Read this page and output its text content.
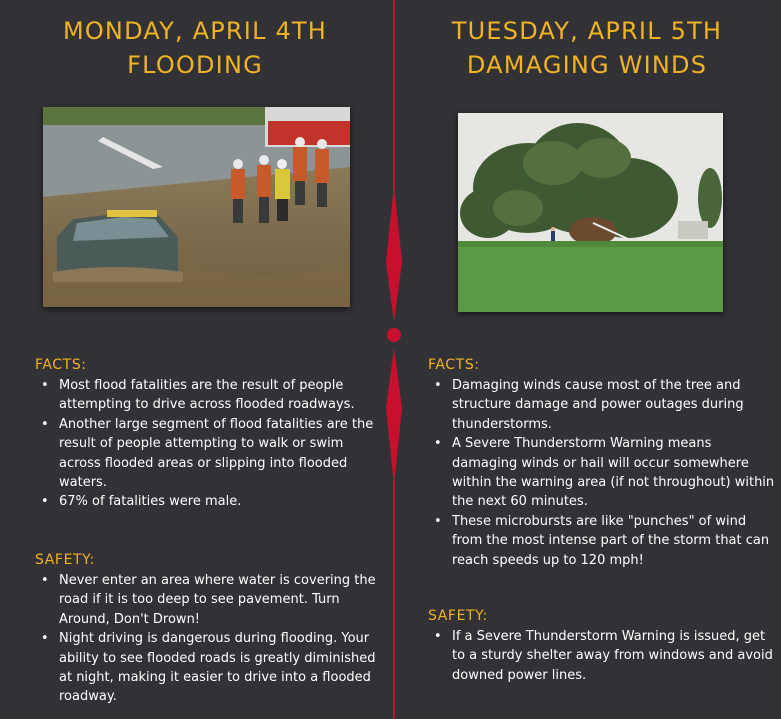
MONDAY, APRIL 4TH
FLOODING
FACTS:
• Most flood fatalities are the result of people attempting to drive across flooded roadways.
• Another large segment of flood fatalities are the result of people attempting to walk or swim across flooded areas or slipping into flooded waters.
• 67% of fatalities were male.
SAFETY:
• Never enter an area where water is covering the road if it is too deep to see pavement. Turn Around, Don't Drown!
• Night driving is dangerous during flooding. Your ability to see flooded roads is greatly diminished at night, making it easier to drive into a flooded roadway.
TUESDAY, APRIL 5TH
DAMAGING WINDS
FACTS:
• Damaging winds cause most of the tree and structure damage and power outages during thunderstorms.
• A Severe Thunderstorm Warning means damaging winds or hail will occur somewhere within the warning area (if not throughout) within the next 60 minutes.
• These microbursts are like "punches" of wind from the most intense part of the storm that can reach speeds up to 120 mph!
SAFETY:
• If a Severe Thunderstorm Warning is issued, get to a sturdy shelter away from windows and avoid downed power lines.
